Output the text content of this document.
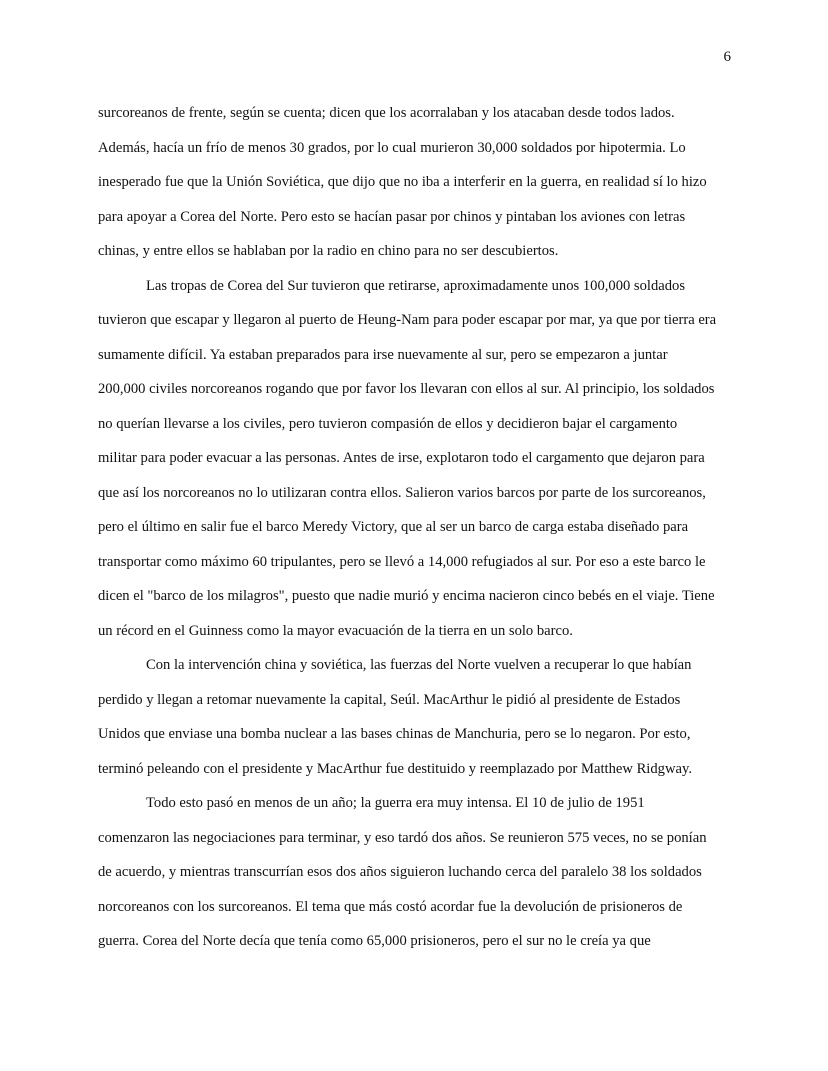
6
surcoreanos de frente, según se cuenta; dicen que los acorralaban y los atacaban desde todos lados.
Además, hacía un frío de menos 30 grados, por lo cual murieron 30,000 soldados por hipotermia. Lo
inesperado fue que la Unión Soviética, que dijo que no iba a interferir en la guerra, en realidad sí lo hizo
para apoyar a Corea del Norte. Pero esto se hacían pasar por chinos y pintaban los aviones con letras
chinas, y entre ellos se hablaban por la radio en chino para no ser descubiertos.
Las tropas de Corea del Sur tuvieron que retirarse, aproximadamente unos 100,000 soldados
tuvieron que escapar y llegaron al puerto de Heung-Nam para poder escapar por mar, ya que por tierra era
sumamente difícil. Ya estaban preparados para irse nuevamente al sur, pero se empezaron a juntar
200,000 civiles norcoreanos rogando que por favor los llevaran con ellos al sur. Al principio, los soldados
no querían llevarse a los civiles, pero tuvieron compasión de ellos y decidieron bajar el cargamento
militar para poder evacuar a las personas. Antes de irse, explotaron todo el cargamento que dejaron para
que así los norcoreanos no lo utilizaran contra ellos. Salieron varios barcos por parte de los surcoreanos,
pero el último en salir fue el barco Meredy Victory, que al ser un barco de carga estaba diseñado para
transportar como máximo 60 tripulantes, pero se llevó a 14,000 refugiados al sur. Por eso a este barco le
dicen el "barco de los milagros", puesto que nadie murió y encima nacieron cinco bebés en el viaje. Tiene
un récord en el Guinness como la mayor evacuación de la tierra en un solo barco.
Con la intervención china y soviética, las fuerzas del Norte vuelven a recuperar lo que habían
perdido y llegan a retomar nuevamente la capital, Seúl. MacArthur le pidió al presidente de Estados
Unidos que enviase una bomba nuclear a las bases chinas de Manchuria, pero se lo negaron. Por esto,
terminó peleando con el presidente y MacArthur fue destituido y reemplazado por Matthew Ridgway.
Todo esto pasó en menos de un año; la guerra era muy intensa. El 10 de julio de 1951
comenzaron las negociaciones para terminar, y eso tardó dos años. Se reunieron 575 veces, no se ponían
de acuerdo, y mientras transcurrían esos dos años siguieron luchando cerca del paralelo 38 los soldados
norcoreanos con los surcoreanos. El tema que más costó acordar fue la devolución de prisioneros de
guerra. Corea del Norte decía que tenía como 65,000 prisioneros, pero el sur no le creía ya que
